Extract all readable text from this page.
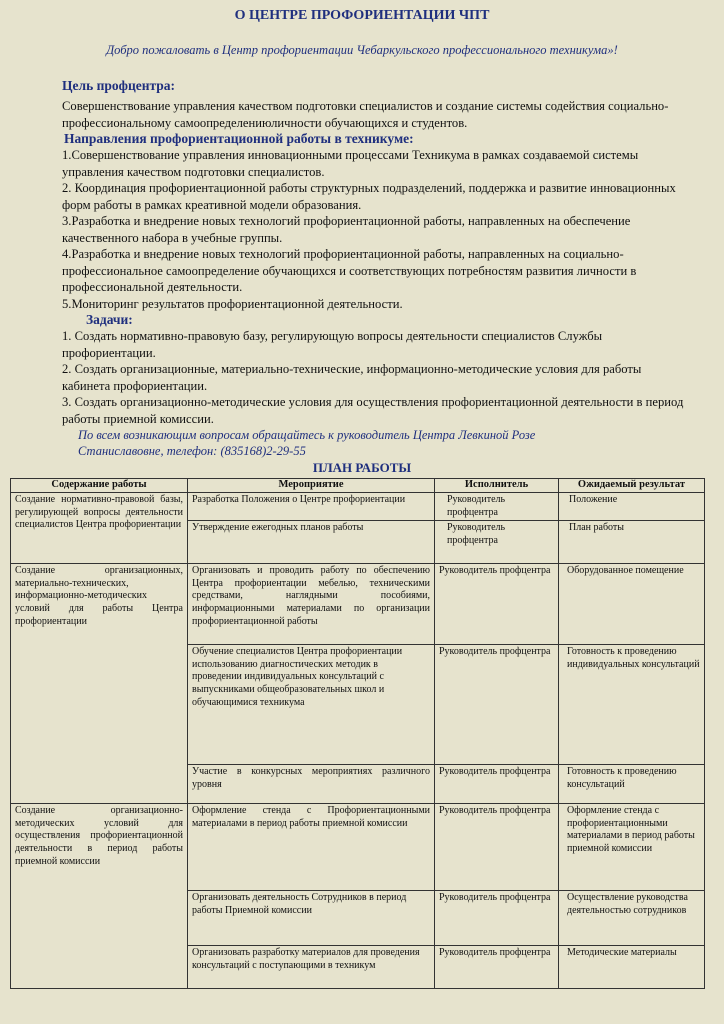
О ЦЕНТРЕ ПРОФОРИЕНТАЦИИ ЧПТ

Добро пожаловать в Центр профориентации Чебаркульского профессионального техникума»!

Цель профцентра:

Совершенствование управления качеством подготовки специалистов и создание системы содействия социально-профессиональному самоопределениюличности обучающихся и студентов.

Направления профориентационной работы в техникуме:

1.Совершенствование управления инновационными процессами Техникума в рамках создаваемой системы управления качеством подготовки специалистов.

2. Координация профориентационной работы структурных подразделений, поддержка и развитие инновационных форм работы в рамках креативной модели образования.

3.Разработка и внедрение новых технологий профориентационной работы, направленных на обеспечение качественного набора в учебные группы.

4.Разработка и внедрение новых технологий профориентационной работы, направленных на социально-профессиональное самоопределение обучающихся и соответствующих потребностям развития личности в профессиональной деятельности.

5.Мониторинг результатов профориентационной деятельности.

Задачи:

1. Создать нормативно-правовую базу, регулирующую вопросы деятельности специалистов Службы профориентации.

2. Создать организационные, материально-технические, информационно-методические условия для работы кабинета профориентации.

3. Создать организационно-методические условия для осуществления профориентационной деятельности в период работы приемной комиссии.

По всем возникающим вопросам обращайтесь к руководитель Центра Левкиной Розе Станиславовне, телефон: (835168)2-29-55

ПЛАН РАБОТЫ

Содержание работы	Мероприятие	Исполнитель	Ожидаемый результат
Создание нормативно-правовой базы, регулирующей вопросы деятельности специалистов Центра профориентации	Разработка Положения о Центре профориентации	Руководитель профцентра	Положение
	Утверждение ежегодных планов работы	Руководитель профцентра	План работы
Создание организационных, материально-технических, информационно-методических условий для работы Центра профориентации	Организовать и проводить работу по обеспечению Центра профориентации мебелью, техническими средствами, наглядными пособиями, информационными материалами по организации профориентационной работы	Руководитель профцентра	Оборудованное помещение
	Обучение специалистов Центра профориентации использованию диагностических методик в проведении индивидуальных консультаций с выпускниками общеобразовательных школ и обучающимися техникума	Руководитель профцентра	Готовность к проведению индивидуальных консультаций
	Участие в конкурсных мероприятиях различного уровня	Руководитель профцентра	Готовность к проведению консультаций
Создание организационно-методических условий для осуществления профориентационной деятельности в период работы приемной комиссии	Оформление стенда с Профориентационными материалами в период работы приемной комиссии	Руководитель профцентра	Оформление стенда с профориентационными материалами в период работы приемной комиссии
	Организовать деятельность Сотрудников в период работы Приемной комиссии	Руководитель профцентра	Осуществление руководства деятельностью сотрудников
	Организовать разработку материалов для проведения консультаций с поступающими в техникум	Руководитель профцентра	Методические материалы
